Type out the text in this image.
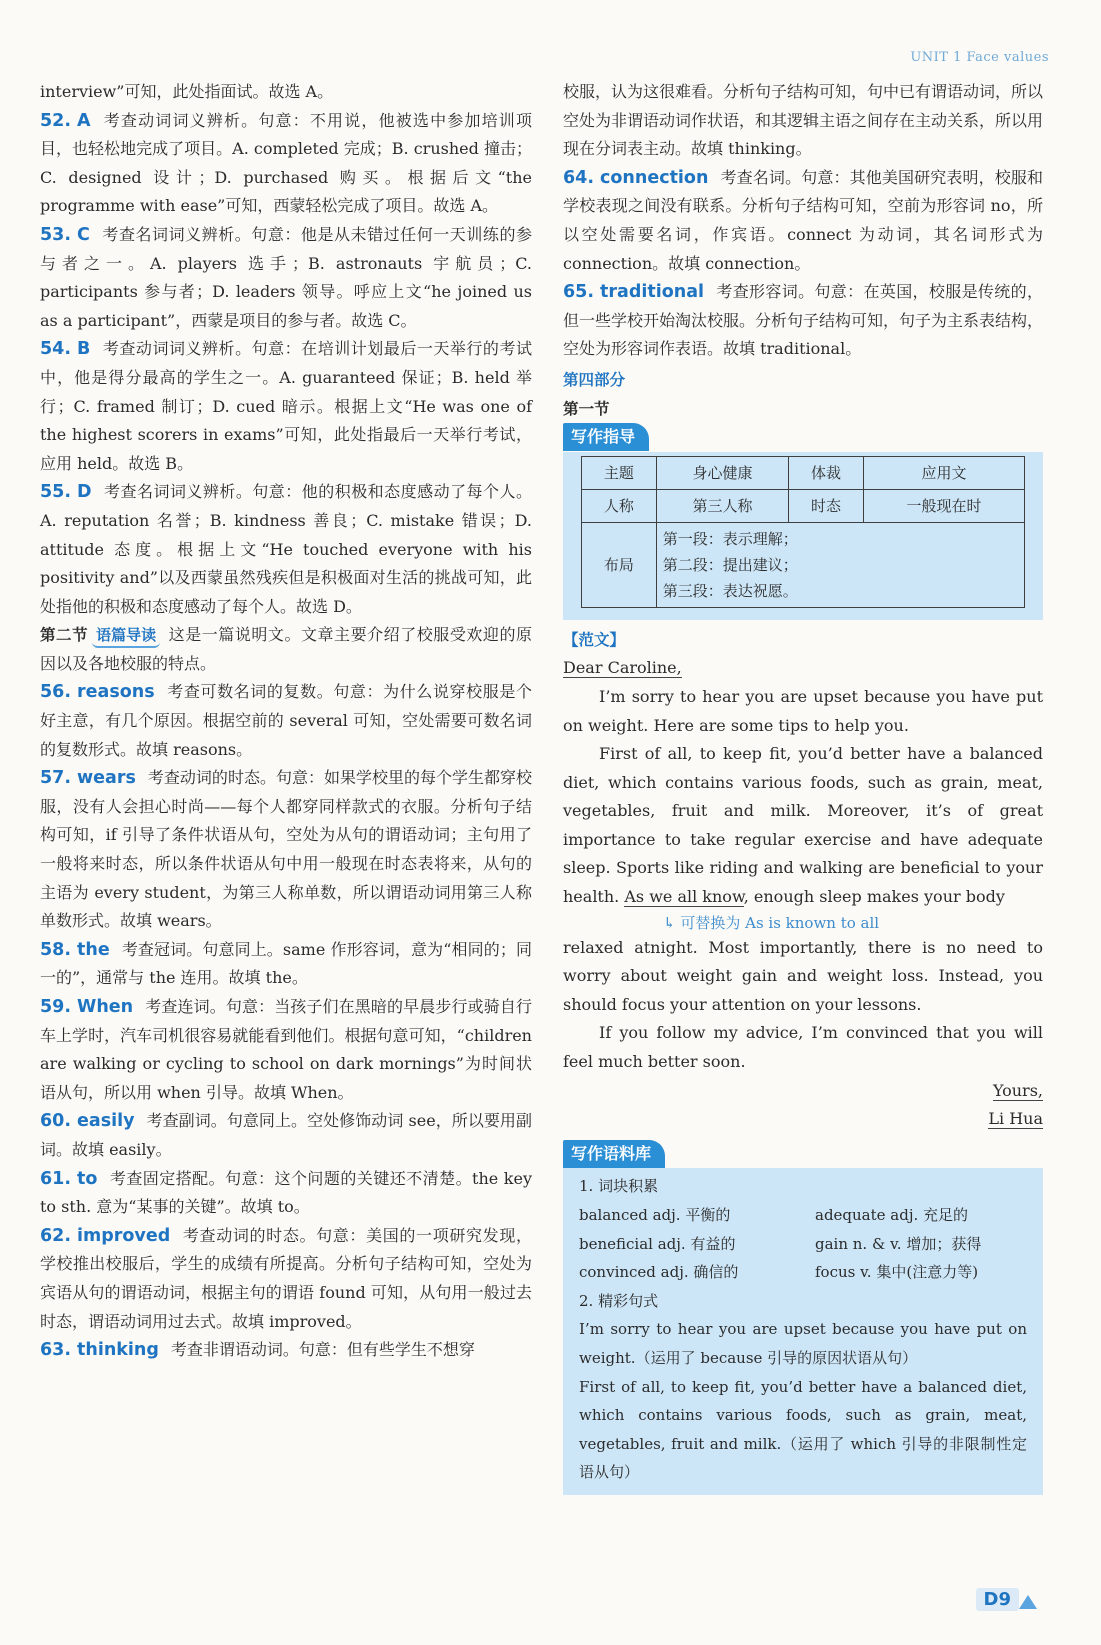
UNIT 1 Face values

interview”可知，此处指面试。故选 A。

52. A 考查动词词义辨析。句意：不用说，他被选中参加培训项目，也轻松地完成了项目。A. completed 完成；B. crushed 撞击；C. designed 设计；D. purchased 购买。根据后文“the programme with ease”可知，西蒙轻松完成了项目。故选 A。

53. C 考查名词词义辨析。句意：他是从未错过任何一天训练的参与者之一。A. players 选手；B. astronauts 宇航员；C. participants 参与者；D. leaders 领导。呼应上文“he joined us as a participant”，西蒙是项目的参与者。故选 C。

54. B 考查动词词义辨析。句意：在培训计划最后一天举行的考试中，他是得分最高的学生之一。A. guaranteed 保证；B. held 举行；C. framed 制订；D. cued 暗示。根据上文“He was one of the highest scorers in exams”可知，此处指最后一天举行考试，应用 held。故选 B。

55. D 考查名词词义辨析。句意：他的积极和态度感动了每个人。A. reputation 名誉；B. kindness 善良；C. mistake 错误；D. attitude 态度。根据上文“He touched everyone with his positivity and”以及西蒙虽然残疾但是积极面对生活的挑战可知，此处指他的积极和态度感动了每个人。故选 D。

第二节 语篇导读 这是一篇说明文。文章主要介绍了校服受欢迎的原因以及各地校服的特点。

56. reasons 考查可数名词的复数。句意：为什么说穿校服是个好主意，有几个原因。根据空前的 several 可知，空处需要可数名词的复数形式。故填 reasons。

57. wears 考查动词的时态。句意：如果学校里的每个学生都穿校服，没有人会担心时尚——每个人都穿同样款式的衣服。分析句子结构可知，if 引导了条件状语从句，空处为从句的谓语动词；主句用了一般将来时态，所以条件状语从句中用一般现在时态表将来，从句的主语为 every student，为第三人称单数，所以谓语动词用第三人称单数形式。故填 wears。

58. the 考查冠词。句意同上。same 作形容词，意为“相同的；同一的”，通常与 the 连用。故填 the。

59. When 考查连词。句意：当孩子们在黑暗的早晨步行或骑自行车上学时，汽车司机很容易就能看到他们。根据句意可知，“children are walking or cycling to school on dark mornings”为时间状语从句，所以用 when 引导。故填 When。

60. easily 考查副词。句意同上。空处修饰动词 see，所以要用副词。故填 easily。

61. to 考查固定搭配。句意：这个问题的关键还不清楚。the key to sth. 意为“某事的关键”。故填 to。

62. improved 考查动词的时态。句意：美国的一项研究发现，学校推出校服后，学生的成绩有所提高。分析句子结构可知，空处为宾语从句的谓语动词，根据主句的谓语 found 可知，从句用一般过去时态，谓语动词用过去式。故填 improved。

63. thinking 考查非谓语动词。句意：但有些学生不想穿

校服，认为这很难看。分析句子结构可知，句中已有谓语动词，所以空处为非谓语动词作状语，和其逻辑主语之间存在主动关系，所以用现在分词表主动。故填 thinking。

64. connection 考查名词。句意：其他美国研究表明，校服和学校表现之间没有联系。分析句子结构可知，空前为形容词 no，所以空处需要名词，作宾语。connect 为动词，其名词形式为 connection。故填 connection。

65. traditional 考查形容词。句意：在英国，校服是传统的，但一些学校开始淘汰校服。分析句子结构可知，句子为主系表结构，空处为形容词作表语。故填 traditional。

第四部分

第一节

写作指导
主题	身心健康	体裁	应用文
人称	第三人称	时态	一般现在时
布局	第一段：表示理解；
第二段：提出建议；
第三段：表达祝愿。		
【范文】

Dear Caroline,

I’m sorry to hear you are upset because you have put on weight. Here are some tips to help you.

First of all, to keep fit, you’d better have a balanced diet, which contains various foods, such as grain, meat, vegetables, fruit and milk. Moreover, it’s of great importance to take regular exercise and have adequate sleep. Sports like riding and walking are beneficial to your health. As we all know, enough sleep makes your body

↳ 可替换为 As is known to all

relaxed atnight. Most importantly, there is no need to worry about weight gain and weight loss. Instead, you should focus your attention on your lessons.

If you follow my advice, I’m convinced that you will feel much better soon.

Yours,
Li Hua
写作语料库
1. 词块积累
balanced adj. 平衡的	adequate adj. 充足的
beneficial adj. 有益的	gain n. & v. 增加；获得
convinced adj. 确信的	focus v. 集中(注意力等)
2. 精彩句式

I’m sorry to hear you are upset because you have put on weight.（运用了 because 引导的原因状语从句）

First of all, to keep fit, you’d better have a balanced diet, which contains various foods, such as grain, meat, vegetables, fruit and milk.（运用了 which 引导的非限制性定语从句）

D9
